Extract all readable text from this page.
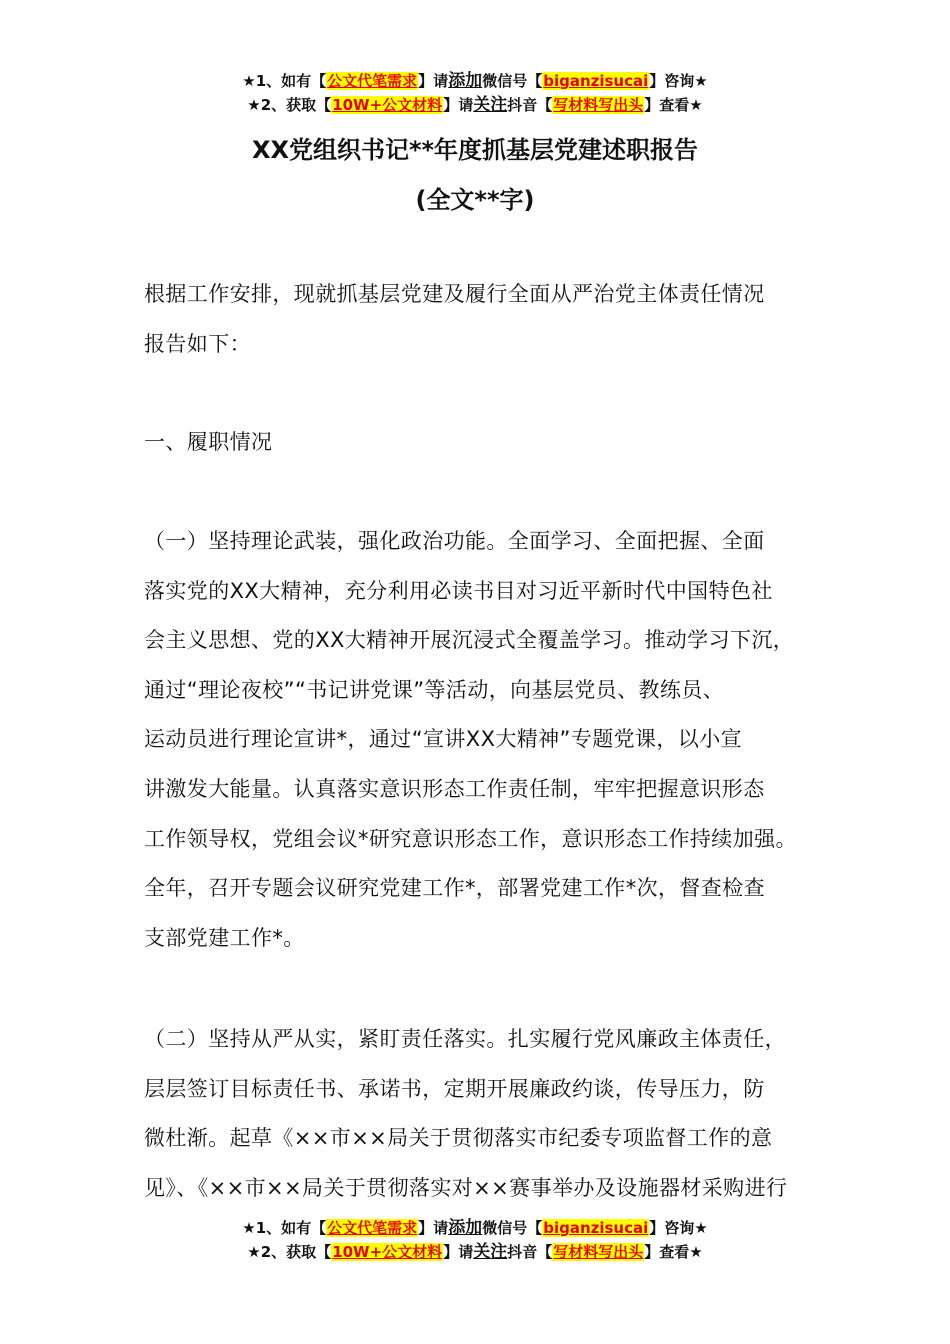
★1、如有【公文代笔需求】请添加微信号【biganzisucai】咨询★
★2、获取【10W+公文材料】请关注抖音【写材料写出头】查看★
XX党组织书记**年度抓基层党建述职报告
(全文**字)
根据工作安排，现就抓基层党建及履行全面从严治党主体责任情况
报告如下：
一、履职情况
（一）坚持理论武装，强化政治功能。全面学习、全面把握、全面
落实党的XX大精神，充分利用必读书目对习近平新时代中国特色社
会主义思想、党的XX大精神开展沉浸式全覆盖学习。推动学习下沉，
通过“理论夜校”“书记讲党课”等活动，向基层党员、教练员、
运动员进行理论宣讲*，通过“宣讲XX大精神”专题党课，以小宣
讲激发大能量。认真落实意识形态工作责任制，牢牢把握意识形态
工作领导权，党组会议*研究意识形态工作，意识形态工作持续加强。
全年，召开专题会议研究党建工作*，部署党建工作*次，督查检查
支部党建工作*。
（二）坚持从严从实，紧盯责任落实。扎实履行党风廉政主体责任，
层层签订目标责任书、承诺书，定期开展廉政约谈，传导压力，防
微杜渐。起草《××市××局关于贯彻落实市纪委专项监督工作的意
见》、《××市××局关于贯彻落实对××赛事举办及设施器材采购进行
★1、如有【公文代笔需求】请添加微信号【biganzisucai】咨询★
★2、获取【10W+公文材料】请关注抖音【写材料写出头】查看★
